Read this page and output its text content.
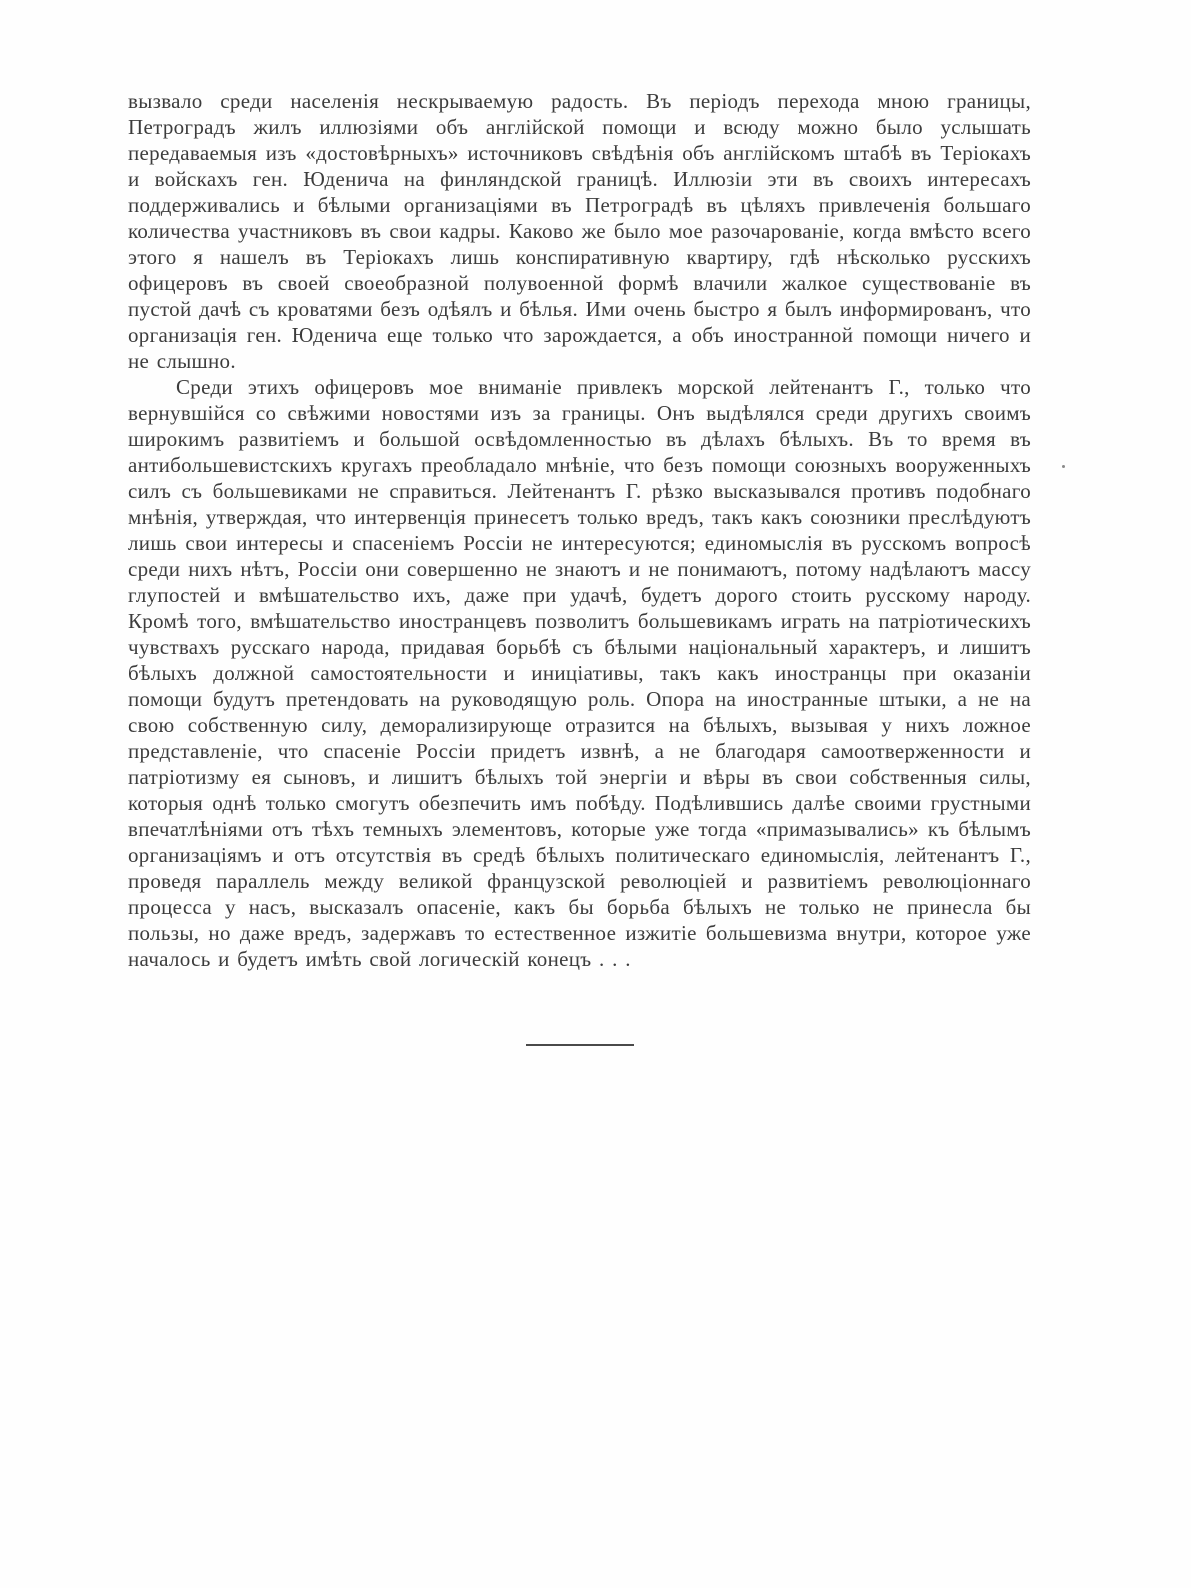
вызвало среди населенія нескрываемую радость. Въ періодъ перехода мною границы, Петроградъ жилъ иллюзіями объ англійской помощи и всюду можно было услышать передаваемыя изъ «достовѣрныхъ» источниковъ свѣдѣнія объ англійскомъ штабѣ въ Теріокахъ и войскахъ ген. Юденича на финляндской границѣ. Иллюзіи эти въ своихъ интересахъ поддерживались и бѣлыми организаціями въ Петроградѣ въ цѣляхъ привлеченія большаго количества участниковъ въ свои кадры. Каково же было мое разочарованіе, когда вмѣсто всего этого я нашелъ въ Теріокахъ лишь конспиративную квартиру, гдѣ нѣсколько русскихъ офицеровъ въ своей своеобразной полувоенной формѣ влачили жалкое существованіе въ пустой дачѣ съ кроватями безъ одѣялъ и бѣлья. Ими очень быстро я былъ информированъ, что организація ген. Юденича еще только что зарождается, а объ иностранной помощи ничего и не слышно.

Среди этихъ офицеровъ мое вниманіе привлекъ морской лейтенантъ Г., только что вернувшійся со свѣжими новостями изъ за границы. Онъ выдѣлялся среди другихъ своимъ широкимъ развитіемъ и большой освѣдомленностью въ дѣлахъ бѣлыхъ. Въ то время въ антибольшевистскихъ кругахъ преобладало мнѣніе, что безъ помощи союзныхъ вооруженныхъ силъ съ большевиками не справиться. Лейтенантъ Г. рѣзко высказывался противъ подобнаго мнѣнія, утверждая, что интервенція принесетъ только вредъ, такъ какъ союзники преслѣдуютъ лишь свои интересы и спасеніемъ Россіи не интересуются; единомыслія въ русскомъ вопросѣ среди нихъ нѣтъ, Россіи они совершенно не знаютъ и не понимаютъ, потому надѣлаютъ массу глупостей и вмѣшательство ихъ, даже при удачѣ, будетъ дорого стоить русскому народу. Кромѣ того, вмѣшательство иностранцевъ позволитъ большевикамъ играть на патріотическихъ чувствахъ русскаго народа, придавая борьбѣ съ бѣлыми національный характеръ, и лишитъ бѣлыхъ должной самостоятельности и иниціативы, такъ какъ иностранцы при оказаніи помощи будутъ претендовать на руководящую роль. Опора на иностранные штыки, а не на свою собственную силу, деморализирующе отразится на бѣлыхъ, вызывая у нихъ ложное представленіе, что спасеніе Россіи придетъ извнѣ, а не благодаря самоотверженности и патріотизму ея сыновъ, и лишитъ бѣлыхъ той энергіи и вѣры въ свои собственныя силы, которыя однѣ только смогутъ обезпечить имъ побѣду. Подѣлившись далѣе своими грустными впечатлѣніями отъ тѣхъ темныхъ элементовъ, которые уже тогда «примазывались» къ бѣлымъ организаціямъ и отъ отсутствія въ средѣ бѣлыхъ политическаго единомыслія, лейтенантъ Г., проведя параллель между великой французской революціей и развитіемъ революціоннаго процесса у насъ, высказалъ опасеніе, какъ бы борьба бѣлыхъ не только не принесла бы пользы, но даже вредъ, задержавъ то естественное изжитіе большевизма внутри, которое уже началось и будетъ имѣть свой логическій конецъ . . .
